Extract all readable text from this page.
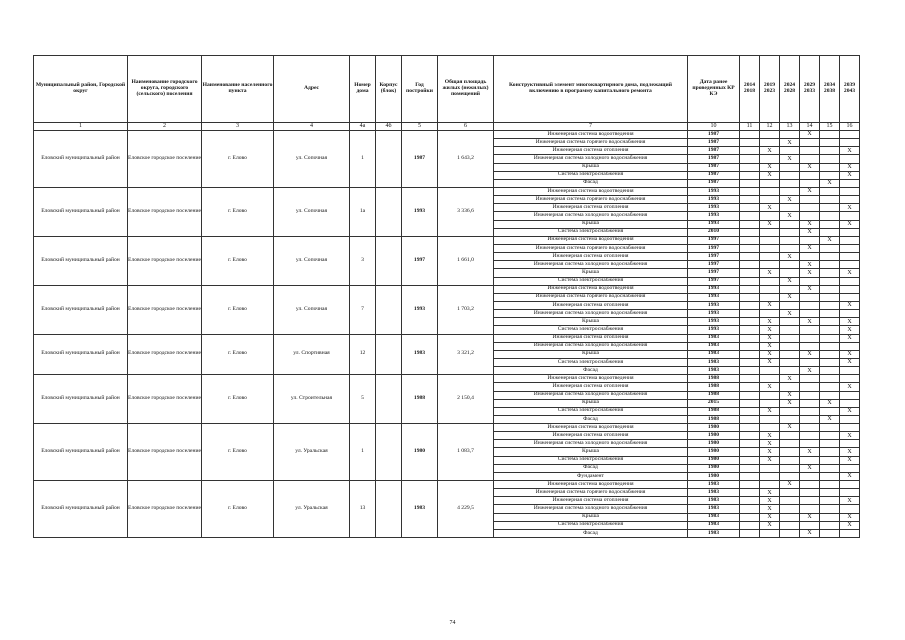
Муниципальный район, Городской округ	Наименование городского округа, городского (сельского) поселения	Наименование населенного пункта	Адрес	Номер дома	Корпус (блок)	Год постройки	Общая площадь жилых (нежилых) помещений	Конструктивный элемент многоквартирного дома, подлежащий включению в программу капитального ремонта	Дата ранее проведенных КР КЭ	2014 2018	2019 2023	2024 2028	2029 2033	2034 2038	2039 2043
1	2	3	4	4а	4б	5	6	7	10	11	12	13	14	15	16
Еловский муниципальный район	Еловское городское поселение	г. Елово	ул. Сопочная	1		1987	1 643,2	Инженерная система водоотведения	1987				X		
								Инженерная система горячего водоснабжения	1987			X			
								Инженерная система отопления	1987		X				X
								Инженерная система холодного водоснабжения	1987			X			
								Крыша	1987		X		X		X
								Система электроснабжения	1987		X				X
								Фасад	1987					X	
Еловский муниципальный район	Еловское городское поселение	г. Елово	ул. Сопочная	1а		1993	3 336,6	Инженерная система водоотведения	1993				X		
								Инженерная система горячего водоснабжения	1993			X			
								Инженерная система отопления	1993		X				X
								Инженерная система холодного водоснабжения	1993			X			
								Крыша	1993		X		X		X
								Система электроснабжения	2010				X		
Еловский муниципальный район	Еловское городское поселение	г. Елово	ул. Сопочная	3		1997	1 661,0	Инженерная система водоотведения	1997					X	
								Инженерная система горячего водоснабжения	1997				X		
								Инженерная система отопления	1997			X			
								Инженерная система холодного водоснабжения	1997				X		
								Крыша	1997		X		X		X
								Система электроснабжения	1997			X			
Еловский муниципальный район	Еловское городское поселение	г. Елово	ул. Сопочная	7		1993	1 703,2	Инженерная система водоотведения	1993				X		
								Инженерная система горячего водоснабжения	1993			X			
								Инженерная система отопления	1993		X				X
								Инженерная система холодного водоснабжения	1993			X			
								Крыша	1993		X		X		X
								Система электроснабжения	1993		X				X
Еловский муниципальный район	Еловское городское поселение	г. Елово	ул. Спортивная	12		1983	3 321,2	Инженерная система отопления	1983		X				X
								Инженерная система холодного водоснабжения	1983		X				
								Крыша	1983		X		X		X
								Система электроснабжения	1983		X				X
								Фасад	1983				X		
Еловский муниципальный район	Еловское городское поселение	г. Елово	ул. Строительная	5		1988	2 150,4	Инженерная система водоотведения	1988			X			
								Инженерная система отопления	1988		X				X
								Инженерная система холодного водоснабжения	1988			X			
								Крыша	2015			X		X	
								Система электроснабжения	1988		X				X
								Фасад	1988					X	
Еловский муниципальный район	Еловское городское поселение	г. Елово	ул. Уральская	1		1980	1 083,7	Инженерная система водоотведения	1980			X			
								Инженерная система отопления	1980		X				X
								Инженерная система холодного водоснабжения	1980		X				
								Крыша	1980		X		X		X
								Система электроснабжения	1980		X				X
								Фасад	1980				X		
								Фундамент	1980						X
Еловский муниципальный район	Еловское городское поселение	г. Елово	ул. Уральская	13		1983	4 229,5	Инженерная система водоотведения	1983			X			
								Инженерная система горячего водоснабжения	1983		X				
								Инженерная система отопления	1983		X				X
								Инженерная система холодного водоснабжения	1983		X				
								Крыша	1983		X		X		X
								Система электроснабжения	1983		X				X
								Фасад	1983				X		
74
